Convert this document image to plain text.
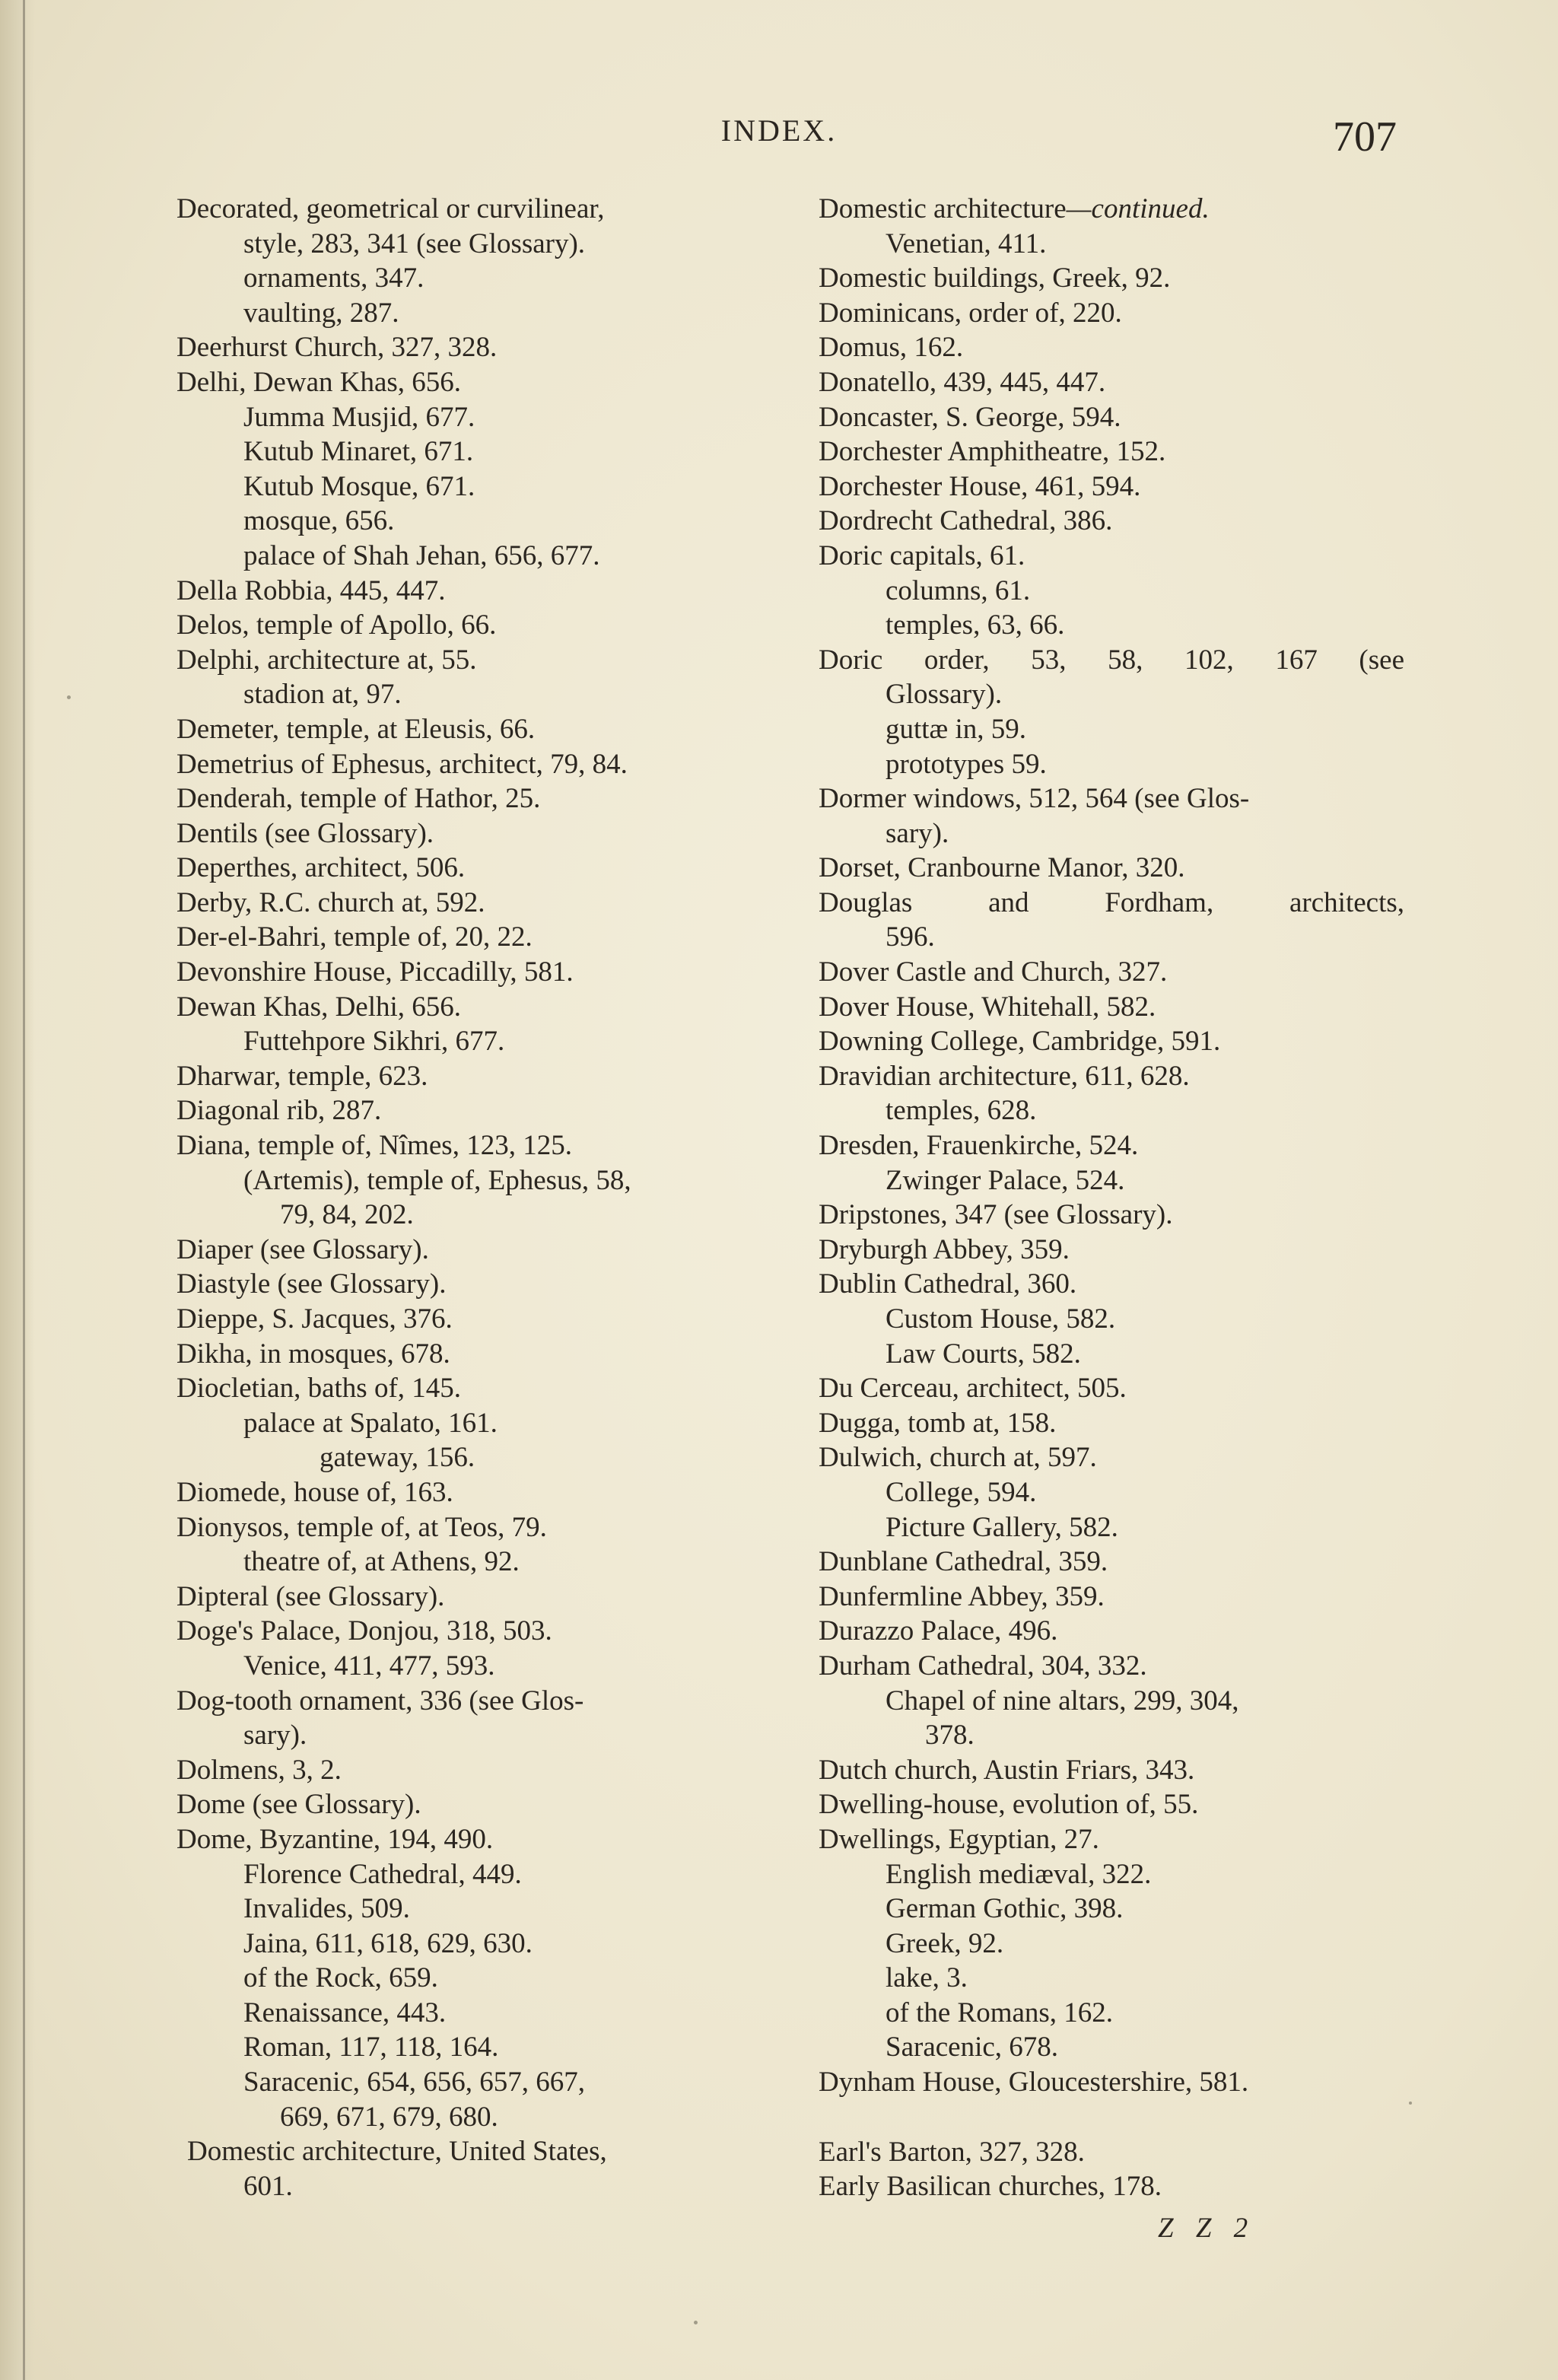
INDEX.	707
Decorated, geometrical or curvilinear,
style, 283, 341 (see Glossary).
ornaments, 347.
vaulting, 287.
Deerhurst Church, 327, 328.
Delhi, Dewan Khas, 656.
Jumma Musjid, 677.
Kutub Minaret, 671.
Kutub Mosque, 671.
mosque, 656.
palace of Shah Jehan, 656, 677.
Della Robbia, 445, 447.
Delos, temple of Apollo, 66.
Delphi, architecture at, 55.
stadion at, 97.
Demeter, temple, at Eleusis, 66.
Demetrius of Ephesus, architect, 79, 84.
Denderah, temple of Hathor, 25.
Dentils (see Glossary).
Deperthes, architect, 506.
Derby, R.C. church at, 592.
Der-el-Bahri, temple of, 20, 22.
Devonshire House, Piccadilly, 581.
Dewan Khas, Delhi, 656.
Futtehpore Sikhri, 677.
Dharwar, temple, 623.
Diagonal rib, 287.
Diana, temple of, Nîmes, 123, 125.
(Artemis), temple of, Ephesus, 58,
79, 84, 202.
Diaper (see Glossary).
Diastyle (see Glossary).
Dieppe, S. Jacques, 376.
Dikha, in mosques, 678.
Diocletian, baths of, 145.
palace at Spalato, 161.
gateway, 156.
Diomede, house of, 163.
Dionysos, temple of, at Teos, 79.
theatre of, at Athens, 92.
Dipteral (see Glossary).
Doge's Palace, Donjou, 318, 503.
Venice, 411, 477, 593.
Dog-tooth ornament, 336 (see Glos-
sary).
Dolmens, 3, 2.
Dome (see Glossary).
Dome, Byzantine, 194, 490.
Florence Cathedral, 449.
Invalides, 509.
Jaina, 611, 618, 629, 630.
of the Rock, 659.
Renaissance, 443.
Roman, 117, 118, 164.
Saracenic, 654, 656, 657, 667,
669, 671, 679, 680.
Domestic architecture, United States,
601.
Domestic architecture—continued.
Venetian, 411.
Domestic buildings, Greek, 92.
Dominicans, order of, 220.
Domus, 162.
Donatello, 439, 445, 447.
Doncaster, S. George, 594.
Dorchester Amphitheatre, 152.
Dorchester House, 461, 594.
Dordrecht Cathedral, 386.
Doric capitals, 61.
columns, 61.
temples, 63, 66.
Doric order, 53, 58, 102, 167 (see
Glossary).
guttæ in, 59.
prototypes 59.
Dormer windows, 512, 564 (see Glos-
sary).
Dorset, Cranbourne Manor, 320.
Douglas and Fordham, architects,
596.
Dover Castle and Church, 327.
Dover House, Whitehall, 582.
Downing College, Cambridge, 591.
Dravidian architecture, 611, 628.
temples, 628.
Dresden, Frauenkirche, 524.
Zwinger Palace, 524.
Dripstones, 347 (see Glossary).
Dryburgh Abbey, 359.
Dublin Cathedral, 360.
Custom House, 582.
Law Courts, 582.
Du Cerceau, architect, 505.
Dugga, tomb at, 158.
Dulwich, church at, 597.
College, 594.
Picture Gallery, 582.
Dunblane Cathedral, 359.
Dunfermline Abbey, 359.
Durazzo Palace, 496.
Durham Cathedral, 304, 332.
Chapel of nine altars, 299, 304,
378.
Dutch church, Austin Friars, 343.
Dwelling-house, evolution of, 55.
Dwellings, Egyptian, 27.
English mediæval, 322.
German Gothic, 398.
Greek, 92.
lake, 3.
of the Romans, 162.
Saracenic, 678.
Dynham House, Gloucestershire, 581.
Earl's Barton, 327, 328.
Early Basilican churches, 178.
Z Z 2
